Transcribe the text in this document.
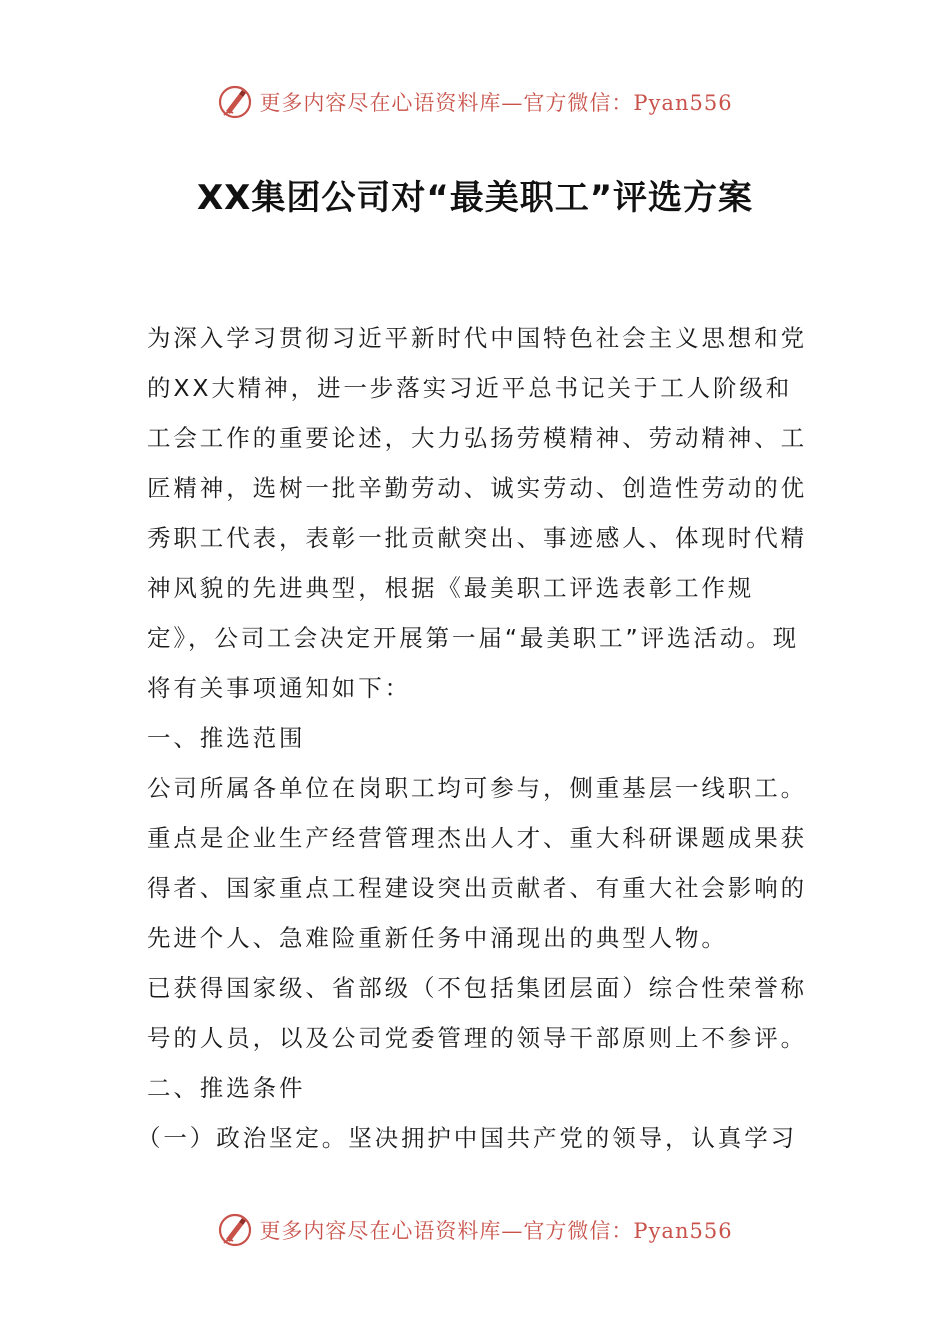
更多内容尽在心语资料库—官方微信：Pyan556
XX集团公司对“最美职工”评选方案

为深入学习贯彻习近平新时代中国特色社会主义思想和党的XX大精神，进一步落实习近平总书记关于工人阶级和工会工作的重要论述，大力弘扬劳模精神、劳动精神、工匠精神，选树一批辛勤劳动、诚实劳动、创造性劳动的优秀职工代表，表彰一批贡献突出、事迹感人、体现时代精神风貌的先进典型，根据《最美职工评选表彰工作规定》，公司工会决定开展第一届“最美职工”评选活动。现将有关事项通知如下：

一、推选范围

公司所属各单位在岗职工均可参与，侧重基层一线职工。重点是企业生产经营管理杰出人才、重大科研课题成果获得者、国家重点工程建设突出贡献者、有重大社会影响的先进个人、急难险重新任务中涌现出的典型人物。

已获得国家级、省部级（不包括集团层面）综合性荣誉称号的人员，以及公司党委管理的领导干部原则上不参评。

二、推选条件

（一）政治坚定。坚决拥护中国共产党的领导，认真学习

更多内容尽在心语资料库—官方微信：Pyan556
